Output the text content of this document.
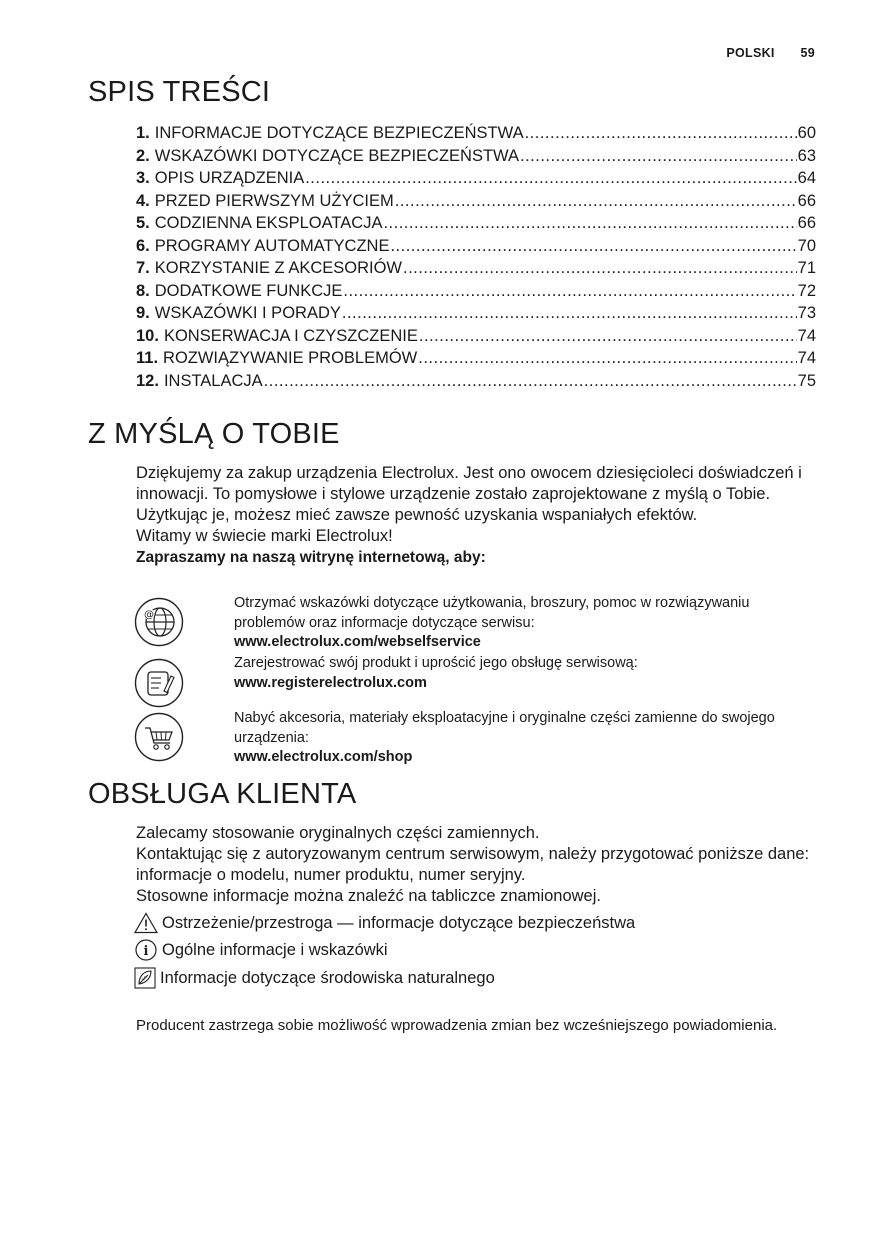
POLSKI 59
SPIS TREŚCI
1. INFORMACJE DOTYCZĄCE BEZPIECZEŃSTWA .....	60
2. WSKAZÓWKI DOTYCZĄCE BEZPIECZEŃSTWA .....	63
3. OPIS URZĄDZENIA .....	64
4. PRZED PIERWSZYM UŻYCIEM .....	66
5. CODZIENNA EKSPLOATACJA .....	66
6. PROGRAMY AUTOMATYCZNE .....	70
7. KORZYSTANIE Z AKCESORIÓW .....	71
8. DODATKOWE FUNKCJE .....	72
9. WSKAZÓWKI I PORADY .....	73
10. KONSERWACJA I CZYSZCZENIE .....	74
11. ROZWIĄZYWANIE PROBLEMÓW .....	74
12. INSTALACJA .....	75
Z MYŚLĄ O TOBIE

Dziękujemy za zakup urządzenia Electrolux. Jest ono owocem dziesięcioleci doświadczeń i innowacji. To pomysłowe i stylowe urządzenie zostało zaprojektowane z myślą o Tobie. Użytkując je, możesz mieć zawsze pewność uzyskania wspaniałych efektów.

Witamy w świecie marki Electrolux!

Zapraszamy na naszą witrynę internetową, aby:

@
Otrzymać wskazówki dotyczące użytkowania, broszury, pomoc w rozwiązywaniu problemów oraz informacje dotyczące serwisu:
www.electrolux.com/webselfservice
Zarejestrować swój produkt i uprościć jego obsługę serwisową:
www.registerelectrolux.com
Nabyć akcesoria, materiały eksploatacyjne i oryginalne części zamienne do swojego urządzenia:
www.electrolux.com/shop
OBSŁUGA KLIENTA

Zalecamy stosowanie oryginalnych części zamiennych.

Kontaktując się z autoryzowanym centrum serwisowym, należy przygotować poniższe dane: informacje o modelu, numer produktu, numer seryjny.

Stosowne informacje można znaleźć na tabliczce znamionowej.

Ostrzeżenie/przestroga — informacje dotyczące bezpieczeństwa
i Ogólne informacje i wskazówki
Informacje dotyczące środowiska naturalnego
Producent zastrzega sobie możliwość wprowadzenia zmian bez wcześniejszego powiadomienia.
